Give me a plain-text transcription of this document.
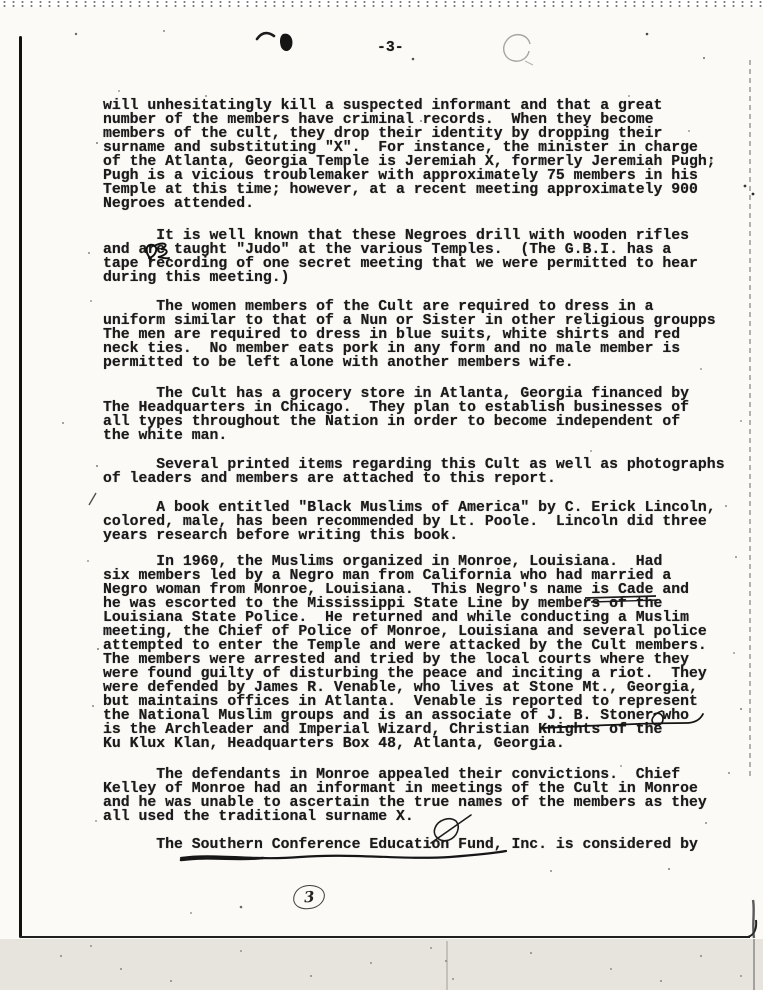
-3-
will unhesitatingly kill a suspected informant and that a great
number of the members have criminal records.  When they become
members of the cult, they drop their identity by dropping their
surname and substituting "X".  For instance, the minister in charge
of the Atlanta, Georgia Temple is Jeremiah X, formerly Jeremiah Pugh;
Pugh is a vicious troublemaker with approximately 75 members in his
Temple at this time; however, at a recent meeting approximately 900
Negroes attended.
It is well known that these Negroes drill with wooden rifles
and are taught "Judo" at the various Temples.  (The G.B.I. has a
tape recording of one secret meeting that we were permitted to hear
during this meeting.)
The women members of the Cult are required to dress in a
uniform similar to that of a Nun or Sister in other religious groupps
The men are required to dress in blue suits, white shirts and red
neck ties.  No member eats pork in any form and no male member is
permitted to be left alone with another members wife.
The Cult has a grocery store in Atlanta, Georgia financed by
The Headquarters in Chicago.  They plan to establish businesses of
all types throughout the Nation in order to become independent of
the white man.
Several printed items regarding this Cult as well as photographs
of leaders and members are attached to this report.
A book entitled "Black Muslims of America" by C. Erick Lincoln,
colored, male, has been recommended by Lt. Poole.  Lincoln did three
years research before writing this book.
In 1960, the Muslims organized in Monroe, Louisiana.  Had
six members led by a Negro man from California who had married a
Negro woman from Monroe, Louisiana.  This Negro's name is Cade and
he was escorted to the Mississippi State Line by members of the
Louisiana State Police.  He returned and while conducting a Muslim
meeting, the Chief of Police of Monroe, Louisiana and several police
attempted to enter the Temple and were attacked by the Cult members.
The members were arrested and tried by the local courts where they
were found guilty of disturbing the peace and inciting a riot.  They
were defended by James R. Venable, who lives at Stone Mt., Georgia,
but maintains offices in Atlanta.  Venable is reported to represent
the National Muslim groups and is an associate of J. B. Stoner who
is the Archleader and Imperial Wizard, Christian Knights of the
Ku Klux Klan, Headquarters Box 48, Atlanta, Georgia.
The defendants in Monroe appealed their convictions.  Chief
Kelley of Monroe had an informant in meetings of the Cult in Monroe
and he was unable to ascertain the true names of the members as they
all used the traditional surname X.
The Southern Conference Education Fund, Inc. is considered by
3
